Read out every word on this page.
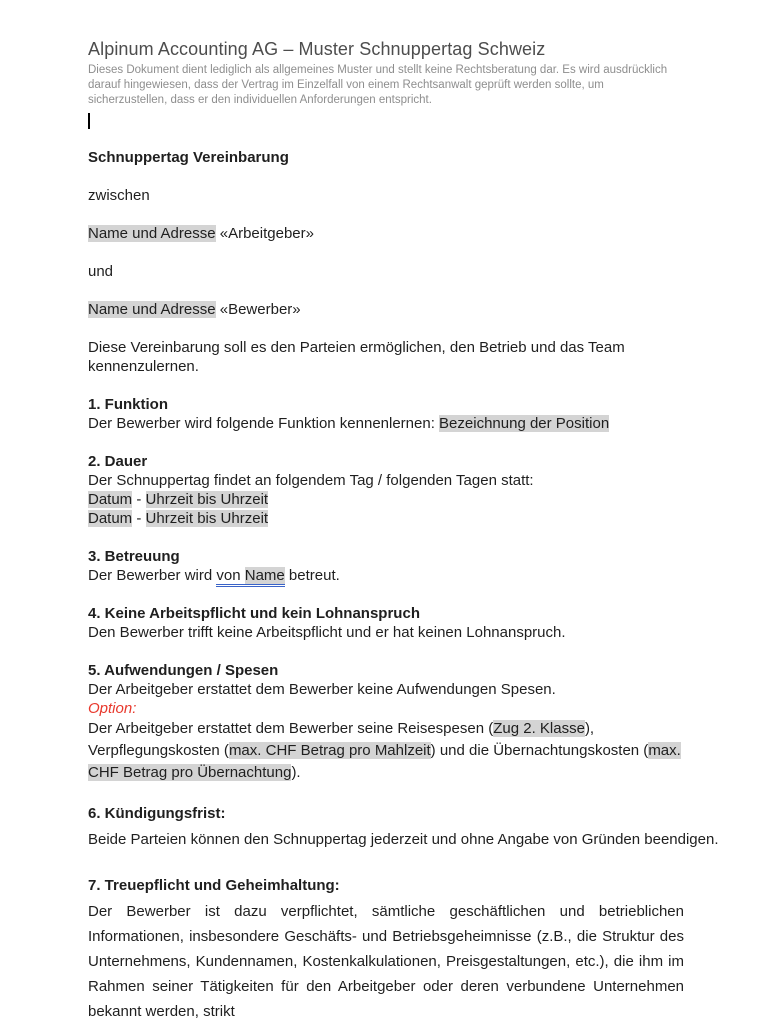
Alpinum Accounting AG – Muster Schnuppertag Schweiz
Dieses Dokument dient lediglich als allgemeines Muster und stellt keine Rechtsberatung dar. Es wird ausdrücklich darauf hingewiesen, dass der Vertrag im Einzelfall von einem Rechtsanwalt geprüft werden sollte, um sicherzustellen, dass er den individuellen Anforderungen entspricht.

Schnuppertag Vereinbarung

zwischen

Name und Adresse «Arbeitgeber»

und

Name und Adresse «Bewerber»

Diese Vereinbarung soll es den Parteien ermöglichen, den Betrieb und das Team kennenzulernen.

1. Funktion

Der Bewerber wird folgende Funktion kennenlernen: Bezeichnung der Position

2. Dauer

Der Schnuppertag findet an folgendem Tag / folgenden Tagen statt:

Datum - Uhrzeit bis Uhrzeit

Datum - Uhrzeit bis Uhrzeit

3. Betreuung

Der Bewerber wird von Name betreut.

4. Keine Arbeitspflicht und kein Lohnanspruch

Den Bewerber trifft keine Arbeitspflicht und er hat keinen Lohnanspruch.

5. Aufwendungen / Spesen

Der Arbeitgeber erstattet dem Bewerber keine Aufwendungen Spesen.

Option:

Der Arbeitgeber erstattet dem Bewerber seine Reisespesen (Zug 2. Klasse), Verpflegungskosten (max. CHF Betrag pro Mahlzeit) und die Übernachtungskosten (max. CHF Betrag pro Übernachtung).

6. Kündigungsfrist:

Beide Parteien können den Schnuppertag jederzeit und ohne Angabe von Gründen beendigen.

7. Treuepflicht und Geheimhaltung:

Der Bewerber ist dazu verpflichtet, sämtliche geschäftlichen und betrieblichen Informationen, insbesondere Geschäfts- und Betriebsgeheimnisse (z.B., die Struktur des Unternehmens, Kundennamen, Kostenkalkulationen, Preisgestaltungen, etc.), die ihm im Rahmen seiner Tätigkeiten für den Arbeitgeber oder deren verbundene Unternehmen bekannt werden, strikt
